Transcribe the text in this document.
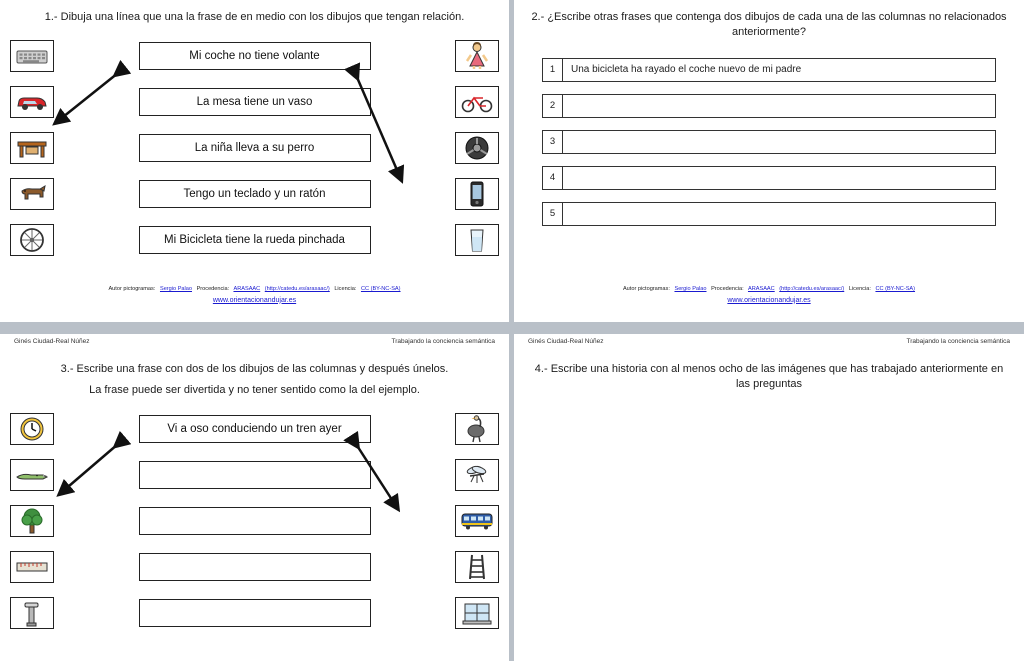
1.- Dibuja una línea que una la frase de en medio con los dibujos que tengan relación.
Mi coche no tiene volante
La mesa tiene un vaso
La niña lleva a su perro
Tengo un teclado y un ratón
Mi Bicicleta tiene la rueda pinchada
Autor pictogramas: Sergio Palao Procedencia: ARASAAC (http://catedu.es/arasaac/) Licencia: CC (BY-NC-SA)
www.orientacionandujar.es
2.- ¿Escribe otras frases que contenga dos dibujos de cada una de las columnas no relacionados anteriormente?
1	Una bicicleta ha rayado el coche nuevo de mi padre
2
3
4
5
Autor pictogramas: Sergio Palao Procedencia: ARASAAC (http://catedu.es/arasaac/) Licencia: CC (BY-NC-SA)
www.orientacionandujar.es
Ginés Ciudad-Real Núñez	Trabajando la conciencia semántica
3.- Escribe una frase con dos de los dibujos de las columnas y después únelos.
La frase puede ser divertida y no tener sentido como la del ejemplo.
Vi a oso conduciendo un tren ayer
Ginés Ciudad-Real Núñez	Trabajando la conciencia semántica
4.- Escribe una historia con al menos ocho de las imágenes que has trabajado anteriormente en las preguntas
